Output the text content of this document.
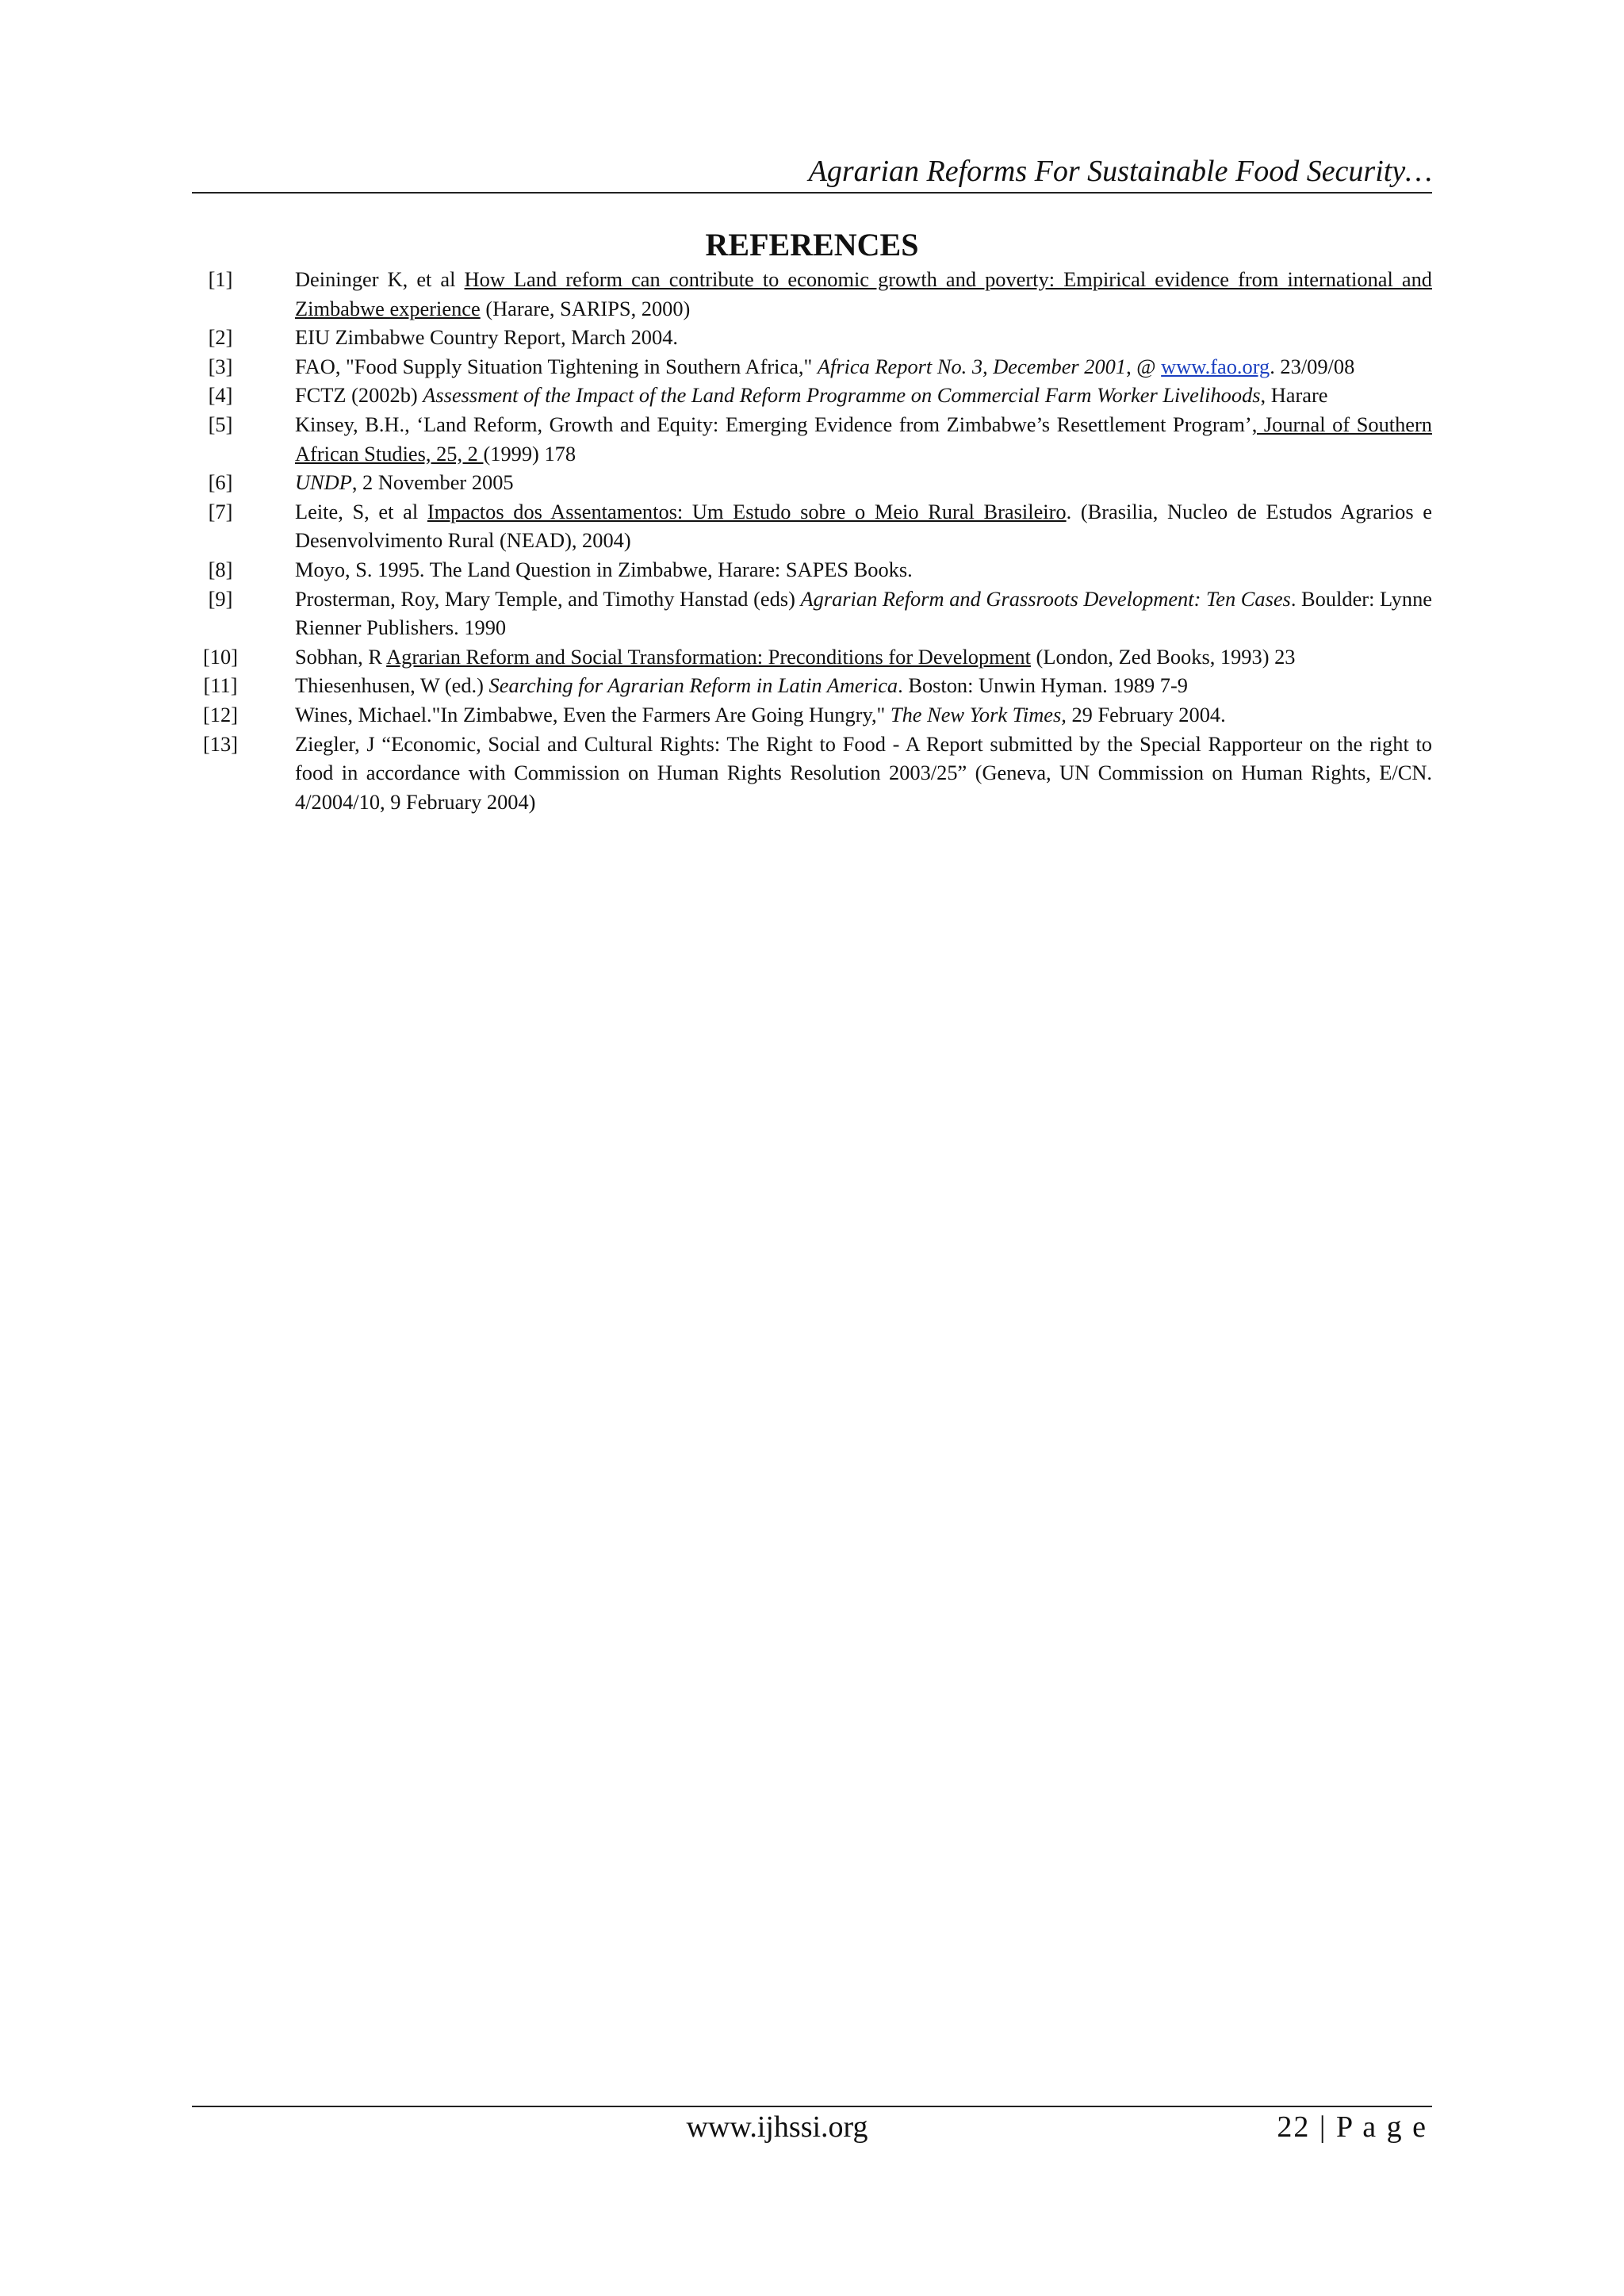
Agrarian Reforms For Sustainable Food Security…
REFERENCES
[1]	Deininger K, et al How Land reform can contribute to economic growth and poverty: Empirical evidence from international and Zimbabwe experience (Harare, SARIPS, 2000)
[2]	EIU Zimbabwe Country Report, March 2004.
[3]	FAO, "Food Supply Situation Tightening in Southern Africa," Africa Report No. 3, December 2001, @ www.fao.org. 23/09/08
[4]	FCTZ (2002b) Assessment of the Impact of the Land Reform Programme on Commercial Farm Worker Livelihoods, Harare
[5]	Kinsey, B.H., ‘Land Reform, Growth and Equity: Emerging Evidence from Zimbabwe’s Resettlement Program’, Journal of Southern African Studies, 25, 2 (1999) 178
[6]	UNDP, 2 November 2005
[7]	Leite, S, et al Impactos dos Assentamentos: Um Estudo sobre o Meio Rural Brasileiro. (Brasilia, Nucleo de Estudos Agrarios e Desenvolvimento Rural (NEAD), 2004)
[8]	Moyo, S. 1995. The Land Question in Zimbabwe, Harare: SAPES Books.
[9]	Prosterman, Roy, Mary Temple, and Timothy Hanstad (eds) Agrarian Reform and Grassroots Development: Ten Cases. Boulder: Lynne Rienner Publishers. 1990
[10]	Sobhan, R Agrarian Reform and Social Transformation: Preconditions for Development (London, Zed Books, 1993) 23
[11]	Thiesenhusen, W (ed.) Searching for Agrarian Reform in Latin America. Boston: Unwin Hyman. 1989 7-9
[12]	Wines, Michael."In Zimbabwe, Even the Farmers Are Going Hungry," The New York Times, 29 February 2004.
[13]	Ziegler, J “Economic, Social and Cultural Rights: The Right to Food - A Report submitted by the Special Rapporteur on the right to food in accordance with Commission on Human Rights Resolution 2003/25” (Geneva, UN Commission on Human Rights, E/CN. 4/2004/10, 9 February 2004)
www.ijhssi.org	22 | P a g e
